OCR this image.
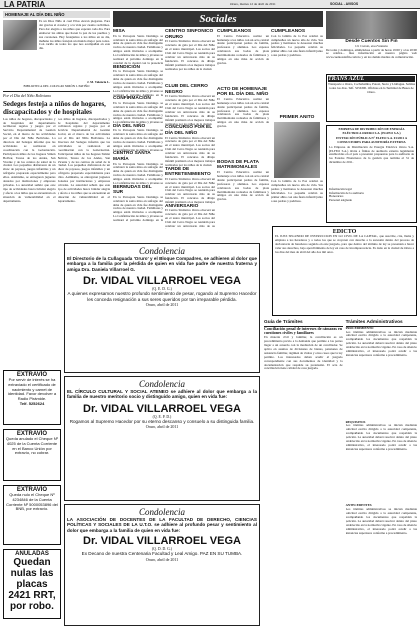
LA PATRIA	Oruro, martes 12 de abril de 2011	SOCIAL - AVISOS
HOMENAJE AL DÍA DEL NIÑO
Es un Dios Niño al cual Ellos elevan plegarias. Para dar gracias al creador y a la vida por cuanto recibimos. Para dar alegría a los niños que esperan cada día. Para enaltecer las almas que hacen la paz de los pueblos y sus corazones. Hoy festejamos a los niños en su día, mañana los niños festejan un mundo mejor para todos. Con cariño de todos los que nos acompañan en este día.
J. M. Valencia L.
BIBLIOTECA DEL COLEGIO SIMÓN I. PATIÑO
Por el Día del Niño Boliviano
Sedeges festeja a niños de hogares, discapacitados y de hospitales
Los niños de hogares, discapacitados y de hospitales del departamento recibieron regalos y juegos por el Servicio Departamental de Gestión Social, en el marco de las actividades por el Día del Niño Boliviano. La directora del Sedeges informó que las actividades se realizaron en coordinación con la Gobernación. Participaron niños de los hogares Simón Bolívar, Teresa de los Andes, San Vicente y de los centros de salud de la ciudad. Los pequeños disfrutaron de un show de payasos, juegos infantiles y un refrigerio preparado especialmente para ellos. Asimismo, se entregaron juguetes donados por instituciones y empresas privadas. La autoridad señaló que este tipo de actividades busca brindar alegría y afecto a los niños que se encuentran en situación de vulnerabilidad en el departamento.
Los niños de hogares, discapacitados y de hospitales del departamento recibieron regalos y juegos por el Servicio Departamental de Gestión Social, en el marco de las actividades por el Día del Niño Boliviano. La directora del Sedeges informó que las actividades se realizaron en coordinación con la Gobernación. Participaron niños de los hogares Simón Bolívar, Teresa de los Andes, San Vicente y de los centros de salud de la ciudad. Los pequeños disfrutaron de un show de payasos, juegos infantiles y un refrigerio preparado especialmente para ellos. Asimismo, se entregaron juguetes donados por instituciones y empresas privadas. La autoridad señaló que este tipo de actividades busca brindar alegría y afecto a los niños que se encuentran en situación de vulnerabilidad en el departamento.
EXTRAVÍO
Por servir de interés se ha extraviado el certificado de nacimiento y carnet de identidad. Favor devolver a Radio Pirámide.
Telf. 5252624
EXTRAVÍO
Queda anulado el Cheque Nº 4025 de la Cuenta Corriente en el Banco Unión por extravío, no cobrar.
EXTRAVÍO
Queda nulo el Cheque Nº 4234846 de la Cuenta Corriente Nº 5000053896 del BNB, por extravío.
ANULADAS
Quedan nulas las placas 2421 RRT, por robo.
Sociales
MISA
En la Parroquia Santo Domingo se celebrará la santa misa en sufragio del alma de quien en vida fue distinguido vecino de nuestra ciudad. Familiares y amigos están invitados a acompañar. La Confirmación de niños y jóvenes se realizará el próximo domingo en la catedral de la ciudad con la presencia
BENDICIÓN
En la Parroquia Santo Domingo se celebrará la santa misa en sufragio del alma de quien en vida fue distinguido vecino de nuestra ciudad. Familiares y amigos están invitados a acompañar. La Confirmación de niños y jóvenes se realizará el próximo domingo en la
CONFIRMACIÓN
En la Parroquia Santo Domingo se celebrará la santa misa en sufragio del alma de quien en vida fue distinguido vecino de nuestra ciudad. Familiares y amigos están invitados a acompañar. La Confirmación de niños y jóvenes se
DÍA DEL NIÑO
En la Parroquia Santo Domingo se celebrará la santa misa en sufragio del alma de quien en vida fue distinguido vecino de nuestra ciudad. Familiares y amigos están invitados a acompañar. La Confirmación de niños y jóvenes se
CENTRO SANTA MARÍA
En la Parroquia Santo Domingo se celebrará la santa misa en sufragio del alma de quien en vida fue distinguido vecino de nuestra ciudad. Familiares y amigos están invitados a acompañar. La Confirmación de niños y jóvenes se
BERMUDAS DEL SUR
En la Parroquia Santo Domingo se celebrará la santa misa en sufragio del alma de quien en vida fue distinguido vecino de nuestra ciudad. Familiares y amigos están invitados a acompañar. La Confirmación de niños y jóvenes se realizará el próximo domingo en la
CENTRO SINFÓNICO ORURO
El Centro Sinfónico Oruro ofrecerá un concierto de gala por el Día del Niño en el teatro municipal. Los socios del Club del Cerro Negro se reunirán para celebrar un aniversario más de su fundación. El concurso de dibujo infantil premiará a los mejores trabajos realizados por los niños de la ciudad.
CLUB DEL CERRO NEGRO
El Centro Sinfónico Oruro ofrecerá un concierto de gala por el Día del Niño en el teatro municipal. Los socios del Club del Cerro Negro se reunirán para celebrar un aniversario más de su fundación. El concurso de dibujo infantil premiará a los mejores trabajos realizados por los niños de la ciudad.
CONCURSO POR EL DÍA DEL NIÑO
El Centro Sinfónico Oruro ofrecerá un concierto de gala por el Día del Niño en el teatro municipal. Los socios del Club del Cerro Negro se reunirán para celebrar un aniversario más de su fundación. El concurso de dibujo infantil premiará a los mejores trabajos realizados por los niños de la ciudad.
TARDE DE ENTRETENIMIENTO
El Centro Sinfónico Oruro ofrecerá un concierto de gala por el Día del Niño en el teatro municipal. Los socios del Club del Cerro Negro se reunirán para celebrar un aniversario más de su fundación. El concurso de dibujo infantil premiará a los mejores trabajos
ANIVERSARIO
El Centro Sinfónico Oruro ofrecerá un concierto de gala por el Día del Niño en el teatro municipal. Los socios del Club del Cerro Negro se reunirán para celebrar un aniversario más de su
CUMPLEAÑOS
El Centro Educativo realizó un homenaje a los niños con un acto central donde participaron padres de familia, profesores y alumnos. Los esposos celebraron sus bodas de plata matrimoniales rodeados de familiares y amigos en una misa de acción de gracias.
ACTO DE HOMENAJE POR EL DÍA DEL NIÑO
El Centro Educativo realizó un homenaje a los niños con un acto central donde participaron padres de familia, profesores y alumnos. Los esposos celebraron sus bodas de plata matrimoniales rodeados de familiares y amigos en una misa de acción de gracias.
BODAS DE PLATA MATRIMONIALES
El Centro Educativo realizó un homenaje a los niños con un acto central donde participaron padres de familia, profesores y alumnos. Los esposos celebraron sus bodas de plata matrimoniales rodeados de familiares y amigos en una misa de acción de gracias.
CUMPLEAÑOS
Con la familia de la Paz celebró su cumpleaños un nuevo año de vida. Sus padres y hermanos le desearon muchas felicidades. La pequeña celebró su primer añito con una fiesta infantil junto a sus padres y padrinos.
PRIMER ANITO
Con la familia de la Paz celebró su cumpleaños un nuevo año de vida. Sus padres y hermanos le desearon muchas felicidades. La pequeña celebró su primer añito con una fiesta infantil junto a sus padres y padrinos.
Condolencia
El Directorio de la Cullaguada 'Oruro' y el Bloque Compadres, se adhieren al dolor que embarga a la familia por la pérdida de quien en vida fue padre de nuestra fraterna y amiga Dra. Daniela Villarroel G.
Dr. VIDAL VILLARROEL VEGA
(Q. E. D. G.)
A quienes expresamos nuestro profundo sentimiento de pesar, rogando al Supremo Hacedor les conceda resignación a sus seres queridos por tan irreparable pérdida.
Oruro, abril de 2011
Condolencia
EL CÍRCULO CULTURAL Y SOCIAL ATENEO se adhiere al dolor que embarga a la familia de nuestro meritorio socio y distinguido amigo, quien en vida fue:
Dr. VIDAL VILLARROEL VEGA
(Q. E. P. D.)
Rogamos al Supremo Hacedor por su eterno descanso y consuelo a su distinguida familia.
Oruro, abril de 2011
Condolencia
LA ASOCIACIÓN DE DOCENTES DE LA FACULTAD DE DERECHO, CIENCIAS POLÍTICAS Y SOCIALES DE LA U.T.O. se adhiere al profundo pesar y sentimiento al dolor que embarga a la familia de quien en vida fue:
Dr. VIDAL VILLARROEL VEGA
(Q. D. D. G.)
Ex Decano de nuestra Centenaria Facultad y Leal Amigo. PAZ EN SU TUMBA.
Oruro, abril de 2011
Desde Cuentos Sin Fin
Un Cuento, una Fantasía
De todas y domingos, emitiéndose a partir de horas 19:00 y a las 20:00 se celebra... mas información en nuestra página web www.cuentossinfin.com.bo y en los demás medios de comunicación.
TRANS AZUL
Transporte a Oruro, Cochabamba, Potosí, Sucre y Llallagua. Salidas todos los días. Telf. 5256300. Oficinas en la Terminal de Buses de Oruro.
EMPRESA DE DISTRIBUCIÓN DE ENERGÍA ELÉCTRICA ORURO S.A. (ELFEO S.A.)
INVITACIÓN PÚBLICA N° ELFEO S.A. 01/2011 A CONSULTORES PARA AUDITORÍA EXTERNA
La Empresa de Distribución de Energía Eléctrica Oruro S.A. (ELFEO S.A.) invita a firmas de auditoría externa legalmente establecidas en el país a presentar propuestas para la auditoría de los Estados Financieros de la gestión que termina el 31 de diciembre de 2011.
Información legal
Información de la auditoría
Honorarios
Personal asignado
EDICTO
EL JUEZ SEGUNDO DE INSTRUCCIÓN EN LO CIVIL DE LA CAPITAL, que suscribe, cita, llama y emplaza a los herederos y a todos los que se creyeren con derecho a la sucesión dentro del proceso de declaratoria de herederos seguido en este juzgado, para que dentro del término de ley se presenten a hacer valer sus derechos, bajo apercibimiento de ley en caso de incomparecencia. Es dado en la ciudad de Oruro a los días del mes de abril del año dos mil once.
Guía de Trámites
Conciliación penal de intereses de cámaras en cuestiones civiles y familiares
En materia civil y familiar, la conciliación es un procedimiento previo a la demanda que permite a las partes llegar a un acuerdo con la mediación de un conciliador. Se aplica en asuntos de divisiones de bienes, pensiones de asistencia familiar, régimen de visitas y otros casos que la ley permite. Los interesados deben acudir al juzgado correspondiente con sus documentos de identidad y la documentación que respalde su pretensión. El acta de conciliación tiene calidad de cosa juzgada.
Trámites Administrativos
PROCEDIMIENTO
Los trámites administrativos se inician mediante solicitud escrita dirigida a la autoridad competente, acompañando los documentos que respaldan la petición. La autoridad deberá resolver dentro del plazo establecido en la normativa vigente. En caso de silencio administrativo, el interesado podrá acudir a las instancias superiores conforme a procedimiento.
REQUISITOS
Los trámites administrativos se inician mediante solicitud escrita dirigida a la autoridad competente, acompañando los documentos que respaldan la petición. La autoridad deberá resolver dentro del plazo establecido en la normativa vigente. En caso de silencio administrativo, el interesado podrá acudir a las instancias superiores conforme a procedimiento.
ANTECEDENTES
Los trámites administrativos se inician mediante solicitud escrita dirigida a la autoridad competente, acompañando los documentos que respaldan la petición. La autoridad deberá resolver dentro del plazo establecido en la normativa vigente. En caso de silencio administrativo, el interesado podrá acudir a las instancias superiores conforme a procedimiento.
